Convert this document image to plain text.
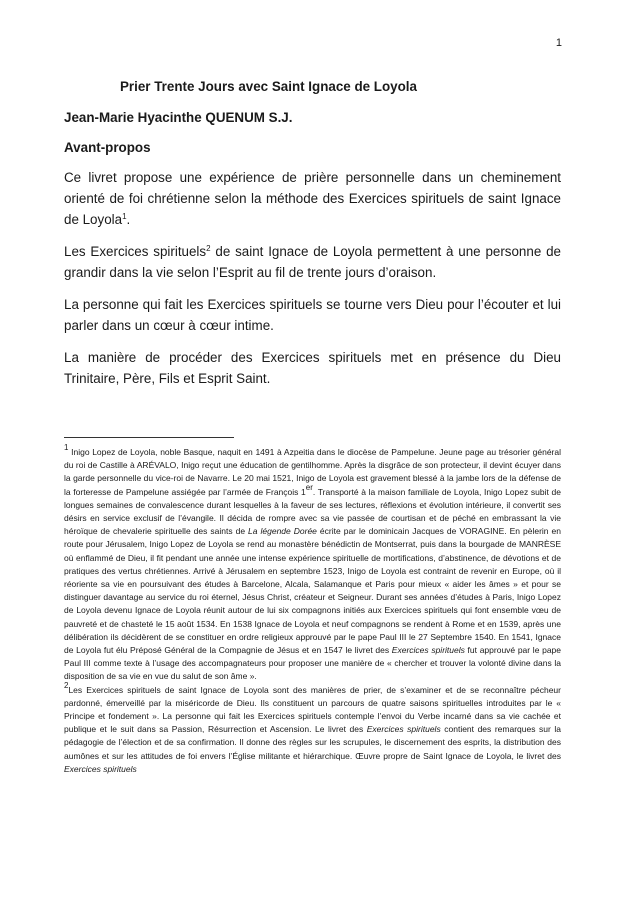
1

Prier Trente Jours avec Saint Ignace de Loyola

Jean-Marie Hyacinthe QUENUM S.J.

Avant-propos

Ce livret propose une expérience de prière personnelle dans un cheminement orienté de foi chrétienne selon la méthode des Exercices spirituels de saint Ignace de Loyola$^1$.

Les Exercices spirituels$^2$ de saint Ignace de Loyola permettent à une personne de grandir dans la vie selon l’Esprit au fil de trente jours d’oraison.

La personne qui fait les Exercices spirituels se tourne vers Dieu pour l’écouter et lui parler dans un cœur à cœur intime.

La manière de procéder des Exercices spirituels met en présence du Dieu Trinitaire, Père, Fils et Esprit Saint.

$^1$ Inigo Lopez de Loyola, noble Basque, naquit en 1491 à Azpeitia dans le diocèse de Pampelune. Jeune page au trésorier général du roi de Castille à ARÉVALO, Inigo reçut une éducation de gentilhomme. Après la disgrâce de son protecteur, il devint écuyer dans la garde personnelle du vice-roi de Navarre. Le 20 mai 1521, Inigo de Loyola est gravement blessé à la jambe lors de la défense de la forteresse de Pampelune assiégée par l’armée de François 1er. Transporté à la maison familiale de Loyola, Inigo Lopez subit de longues semaines de convalescence durant lesquelles à la faveur de ses lectures, réflexions et évolution intérieure, il convertit ses désirs en service exclusif de l’évangile. Il décida de rompre avec sa vie passée de courtisan et de péché en embrassant la vie héroïque de chevalerie spirituelle des saints de La légende Dorée écrite par le dominicain Jacques de VORAGINE. En pèlerin en route pour Jérusalem, Inigo Lopez de Loyola se rend au monastère bénédictin de Montserrat, puis dans la bourgade de MANRÈSE où enflammé de Dieu, il fit pendant une année une intense expérience spirituelle de mortifications, d’abstinence, de dévotions et de pratiques des vertus chrétiennes. Arrivé à Jérusalem en septembre 1523, Inigo de Loyola est contraint de revenir en Europe, où il réoriente sa vie en poursuivant des études à Barcelone, Alcala, Salamanque et Paris pour mieux « aider les âmes » et pour se distinguer davantage au service du roi éternel, Jésus Christ, créateur et Seigneur. Durant ses années d’études à Paris, Inigo Lopez de Loyola devenu Ignace de Loyola réunit autour de lui six compagnons initiés aux Exercices spirituels qui font ensemble vœu de pauvreté et de chasteté le 15 août 1534. En 1538 Ignace de Loyola et neuf compagnons se rendent à Rome et en 1539, après une délibération ils décidèrent de se constituer en ordre religieux approuvé par le pape Paul III le 27 Septembre 1540. En 1541, Ignace de Loyola fut élu Préposé Général de la Compagnie de Jésus et en 1547 le livret des Exercices spirituels fut approuvé par le pape Paul III comme texte à l’usage des accompagnateurs pour proposer une manière de « chercher et trouver la volonté divine dans la disposition de sa vie en vue du salut de son âme ».

$^2$Les Exercices spirituels de saint Ignace de Loyola sont des manières de prier, de s’examiner et de se reconnaître pécheur pardonné, émerveillé par la miséricorde de Dieu. Ils constituent un parcours de quatre saisons spirituelles introduites par le « Principe et fondement ». La personne qui fait les Exercices spirituels contemple l’envoi du Verbe incarné dans sa vie cachée et publique et le suit dans sa Passion, Résurrection et Ascension. Le livret des Exercices spirituels contient des remarques sur la pédagogie de l’élection et de sa confirmation. Il donne des règles sur les scrupules, le discernement des esprits, la distribution des aumônes et sur les attitudes de foi envers l’Église militante et hiérarchique. Œuvre propre de Saint Ignace de Loyola, le livret des Exercices spirituels
